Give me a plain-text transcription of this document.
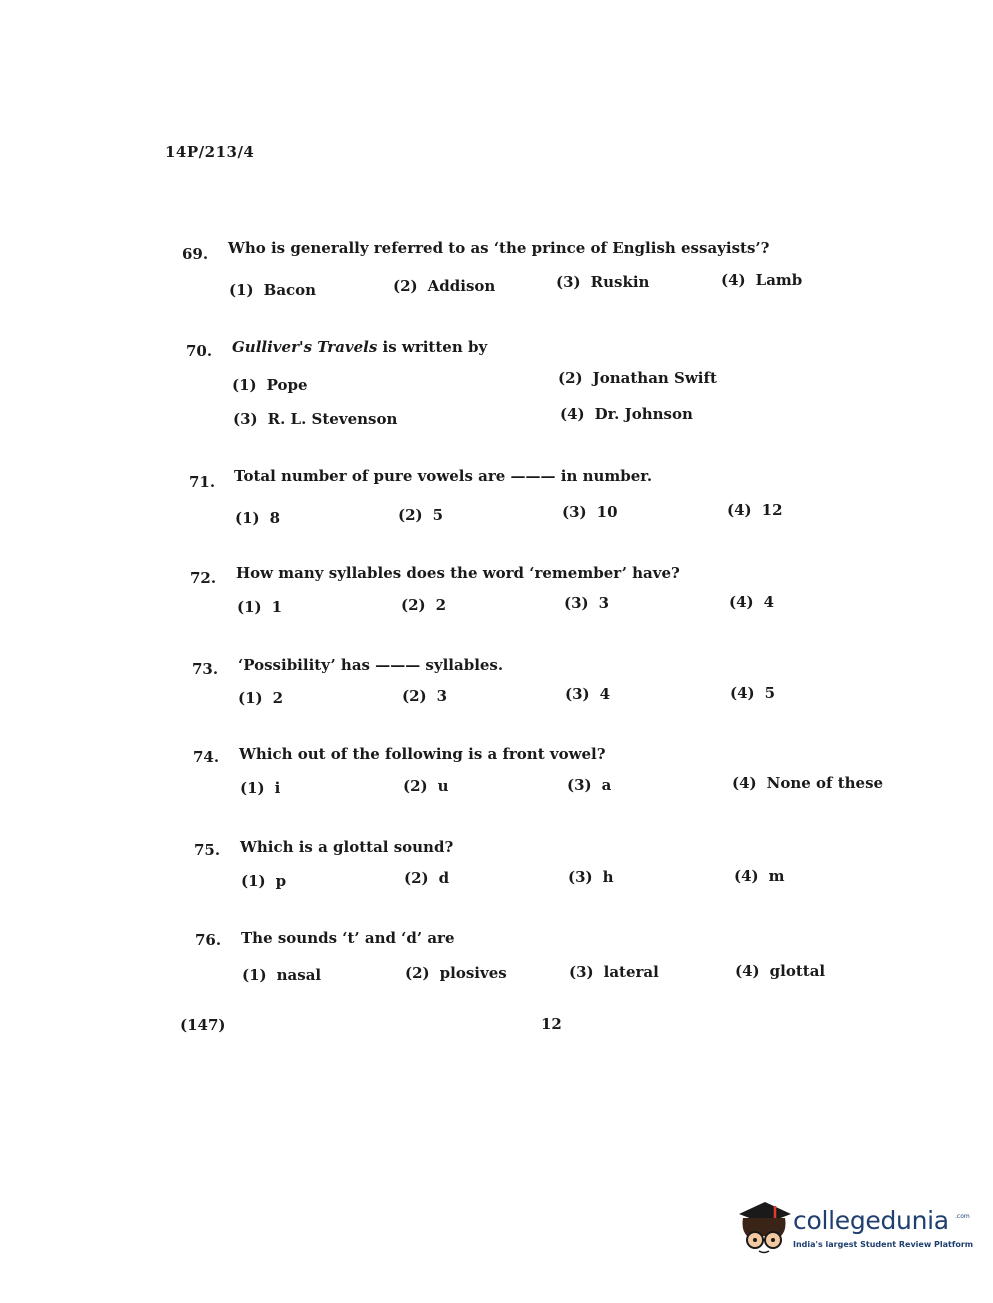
14P/213/4
69.	Who is generally referred to as ‘the prince of English essayists’?
(1) Bacon	(2) Addison	(3) Ruskin	(4) Lamb
70.	Gulliver's Travels is written by
(1) Pope	(2) Jonathan Swift
(3) R. L. Stevenson	(4) Dr. Johnson
71.	Total number of pure vowels are ——— in number.
(1) 8	(2) 5	(3) 10	(4) 12
72.	How many syllables does the word ‘remember’ have?
(1) 1	(2) 2	(3) 3	(4) 4
73.	‘Possibility’ has ——— syllables.
(1) 2	(2) 3	(3) 4	(4) 5
74.	Which out of the following is a front vowel?
(1) i	(2) u	(3) a	(4) None of these
75.	Which is a glottal sound?
(1) p	(2) d	(3) h	(4) m
76.	The sounds ‘t’ and ‘d’ are
(1) nasal	(2) plosives	(3) lateral	(4) glottal
(147)	12
collegedunia .com
India's largest Student Review Platform
